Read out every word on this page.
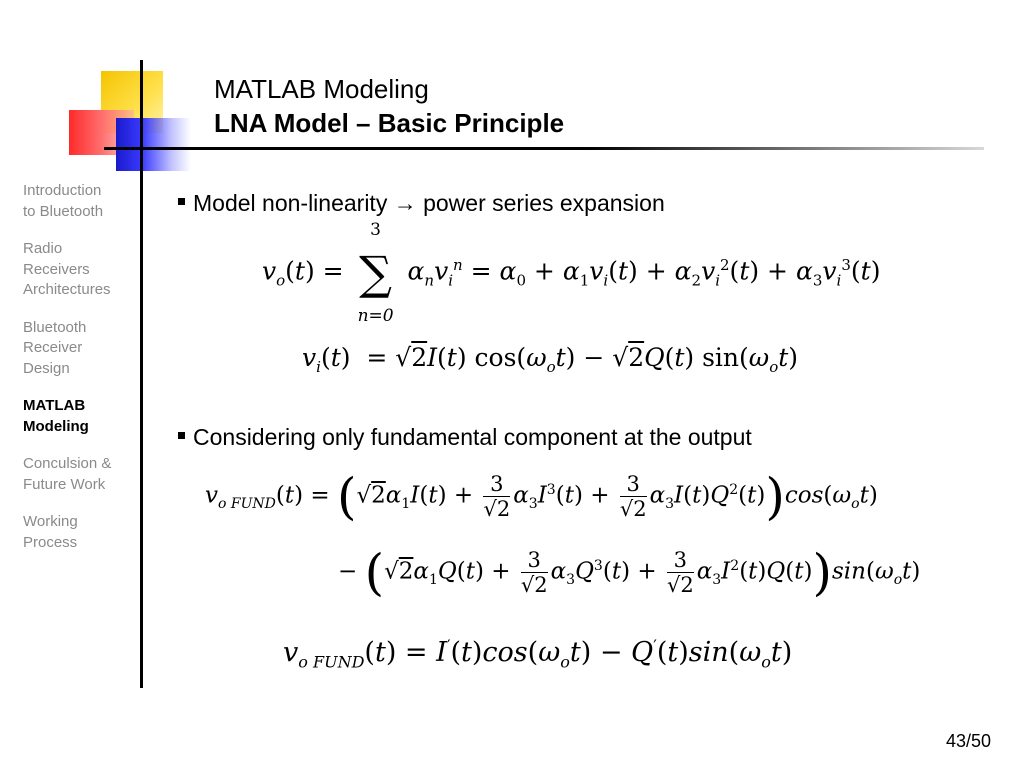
MATLAB Modeling
LNA Model – Basic Principle
Introduction
to Bluetooth
Radio
Receivers
Architectures
Bluetooth
Receiver
Design
MATLAB
Modeling
Conculsion &
Future Work
Working
Process
Model non-linearity → power series expansion
$v_o(t)$ =
3
∑
n=0
$\alpha_nv_i^n = \alpha_0 + \alpha_1v_i(t) + \alpha_2v_i^2(t) + \alpha_3v_i^3(t)$
$v_i(t) = √2I(t) \cos(\omega_ot) - √2Q(t)$ $\sin(\omega_ot)$
Considering only fundamental component at the output
$v_{o FUND}(t) = (√2\alpha_1I(t) + \frac{3}{√2} \alpha_3I^3(t) + \frac{3}{√2} \alpha_3I(t)Q^2(t))\cos(\omega_ot)$
− $(√2\alpha_1Q(t) + \frac{3}{√2} \alpha_3Q^3(t) + \frac{3}{√2} \alpha_3I^2(t)Q(t))\sin(\omega_ot)$
$v_{o FUND}(t) = I'(t)\cos(\omega_ot) - Q'(t)\sin(\omega_ot)$
43/50
